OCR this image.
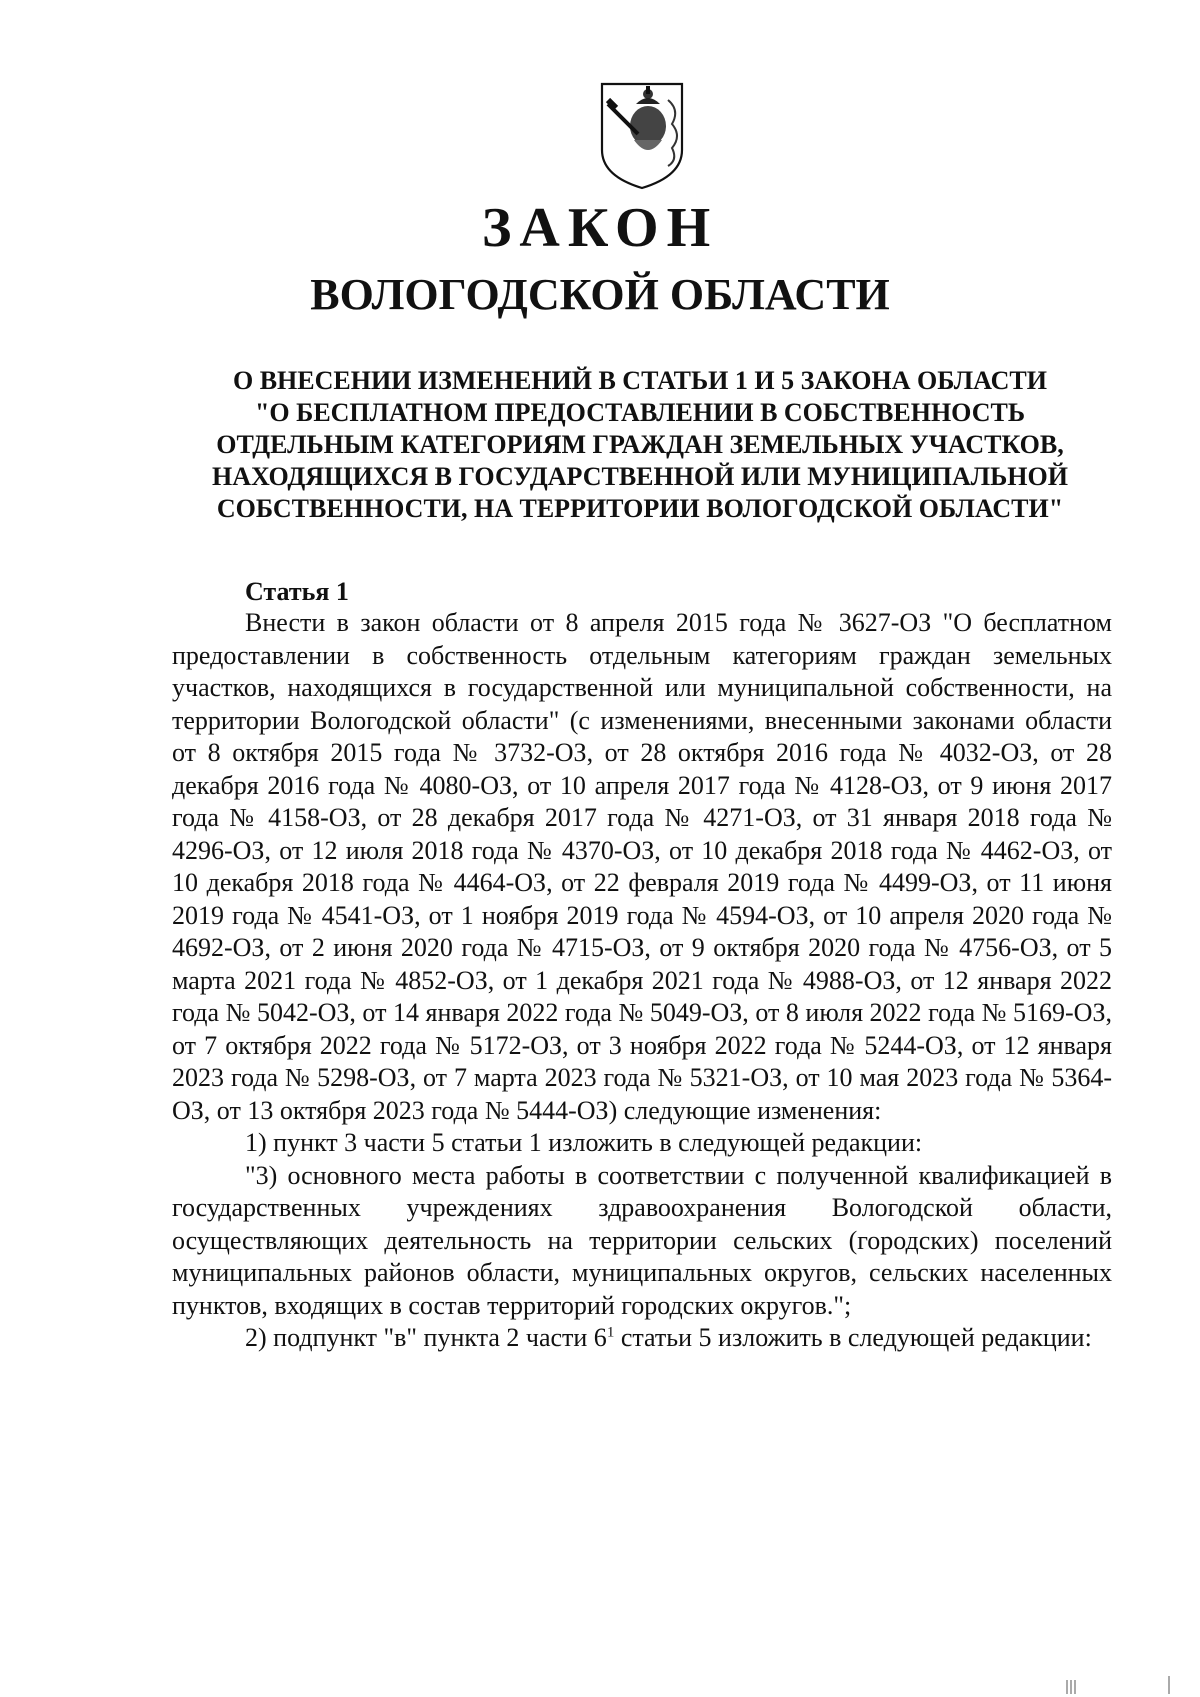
ЗАКОН
ВОЛОГОДСКОЙ ОБЛАСТИ
О ВНЕСЕНИИ ИЗМЕНЕНИЙ В СТАТЬИ 1 И 5 ЗАКОНА ОБЛАСТИ
"О БЕСПЛАТНОМ ПРЕДОСТАВЛЕНИИ В СОБСТВЕННОСТЬ
ОТДЕЛЬНЫМ КАТЕГОРИЯМ ГРАЖДАН ЗЕМЕЛЬНЫХ УЧАСТКОВ,
НАХОДЯЩИХСЯ В ГОСУДАРСТВЕННОЙ ИЛИ МУНИЦИПАЛЬНОЙ
СОБСТВЕННОСТИ, НА ТЕРРИТОРИИ ВОЛОГОДСКОЙ ОБЛАСТИ"
Статья 1

Внести в закон области от 8 апреля 2015 года № 3627-ОЗ "О бесплатном предоставлении в собственность отдельным категориям граждан земельных участков, находящихся в государственной или муниципальной собственности, на территории Вологодской области" (с изменениями, внесенными законами области от 8 октября 2015 года № 3732-ОЗ, от 28 октября 2016 года № 4032-ОЗ, от 28 декабря 2016 года № 4080-ОЗ, от 10 апреля 2017 года № 4128-ОЗ, от 9 июня 2017 года № 4158-ОЗ, от 28 декабря 2017 года № 4271-ОЗ, от 31 января 2018 года № 4296-ОЗ, от 12 июля 2018 года № 4370-ОЗ, от 10 декабря 2018 года № 4462-ОЗ, от 10 декабря 2018 года № 4464-ОЗ, от 22 февраля 2019 года № 4499-ОЗ, от 11 июня 2019 года № 4541-ОЗ, от 1 ноября 2019 года № 4594-ОЗ, от 10 апреля 2020 года № 4692-ОЗ, от 2 июня 2020 года № 4715-ОЗ, от 9 октября 2020 года № 4756-ОЗ, от 5 марта 2021 года № 4852-ОЗ, от 1 декабря 2021 года № 4988-ОЗ, от 12 января 2022 года № 5042-ОЗ, от 14 января 2022 года № 5049-ОЗ, от 8 июля 2022 года № 5169-ОЗ, от 7 октября 2022 года № 5172-ОЗ, от 3 ноября 2022 года № 5244-ОЗ, от 12 января 2023 года № 5298-ОЗ, от 7 марта 2023 года № 5321-ОЗ, от 10 мая 2023 года № 5364-ОЗ, от 13 октября 2023 года № 5444-ОЗ) следующие изменения:

1) пункт 3 части 5 статьи 1 изложить в следующей редакции:

"3) основного места работы в соответствии с полученной квалификацией в государственных учреждениях здравоохранения Вологодской области, осуществляющих деятельность на территории сельских (городских) поселений муниципальных районов области, муниципальных округов, сельских населенных пунктов, входящих в состав территорий городских округов.";

2) подпункт "в" пункта 2 части $6^1$ статьи 5 изложить в следующей редакции:
